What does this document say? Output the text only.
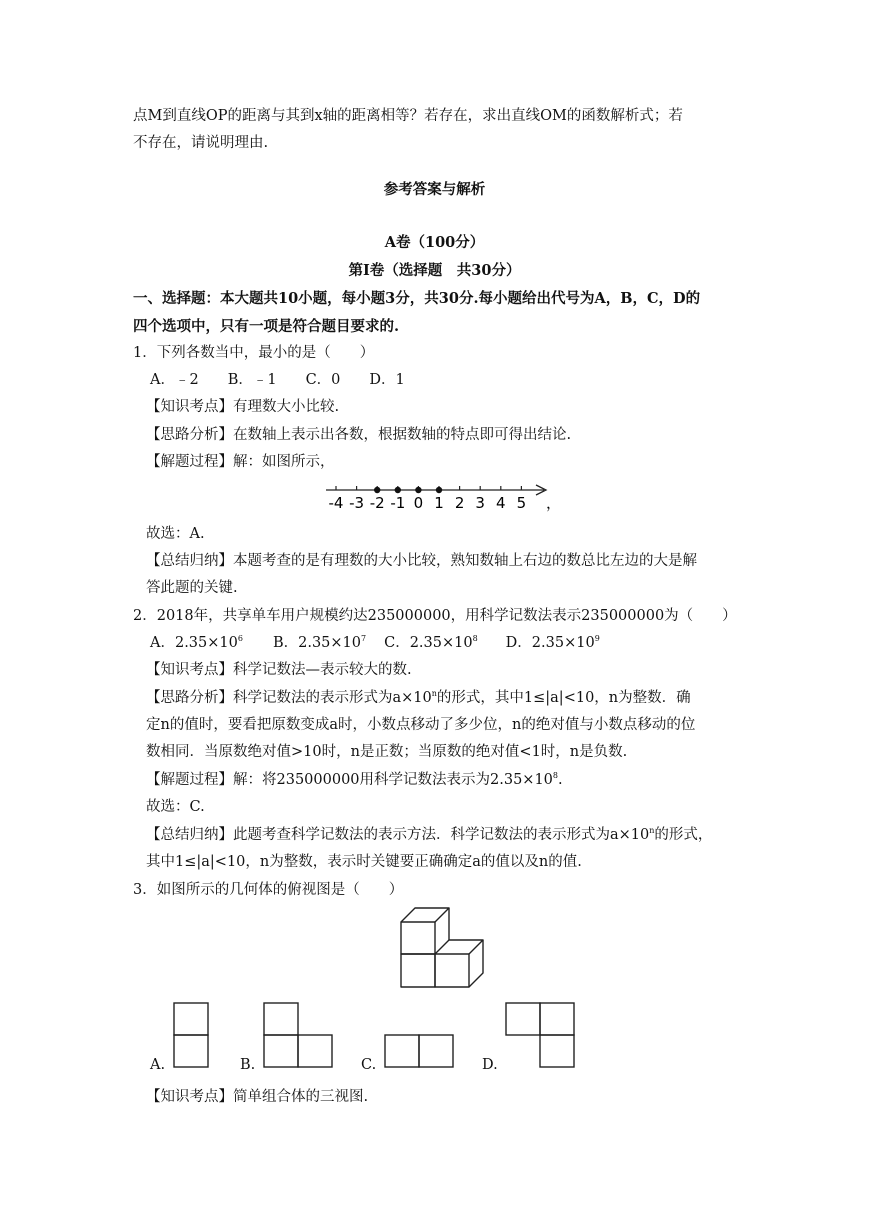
点M到直线OP的距离与其到x轴的距离相等？若存在，求出直线OM的函数解析式；若
不存在，请说明理由.
参考答案与解析
A卷（100分）
第Ⅰ卷（选择题　共30分）
一、选择题：本大题共10小题，每小题3分，共30分.每小题给出代号为A，B，C，D的
四个选项中，只有一项是符合题目要求的.
1．下列各数当中，最小的是（　　）
A．﹣2　　B．﹣1　　C．0　　D．1
【知识考点】有理数大小比较.
【思路分析】在数轴上表示出各数，根据数轴的特点即可得出结论.
【解题过程】解：如图所示，
-4 -3 -2 -1 0 1 2 3 4 5 ，
故选：A.
【总结归纳】本题考查的是有理数的大小比较，熟知数轴上右边的数总比左边的大是解
答此题的关键.
2．2018年，共享单车用户规模约达235000000，用科学记数法表示235000000为（　　）
A．$2.35\times 10^6$ B．$2.35\times 10^7$ C．$2.35\times 10^8$ D．$2.35\times 10^9$
【知识考点】科学记数法—表示较大的数.
【思路分析】科学记数法的表示形式为$a\times 10^n$的形式，其中1≤|a|<10，n为整数．确
定n的值时，要看把原数变成a时，小数点移动了多少位，n的绝对值与小数点移动的位
数相同．当原数绝对值>10时，n是正数；当原数的绝对值<1时，n是负数.
【解题过程】解：将235000000用科学记数法表示为$2.35\times 10^8$.
故选：C.
【总结归纳】此题考查科学记数法的表示方法．科学记数法的表示形式为$a\times 10^n$的形式，
其中1≤|a|<10，n为整数，表示时关键要正确确定a的值以及n的值.
3．如图所示的几何体的俯视图是（　　）
A.	B.	C.	D.
【知识考点】简单组合体的三视图.
